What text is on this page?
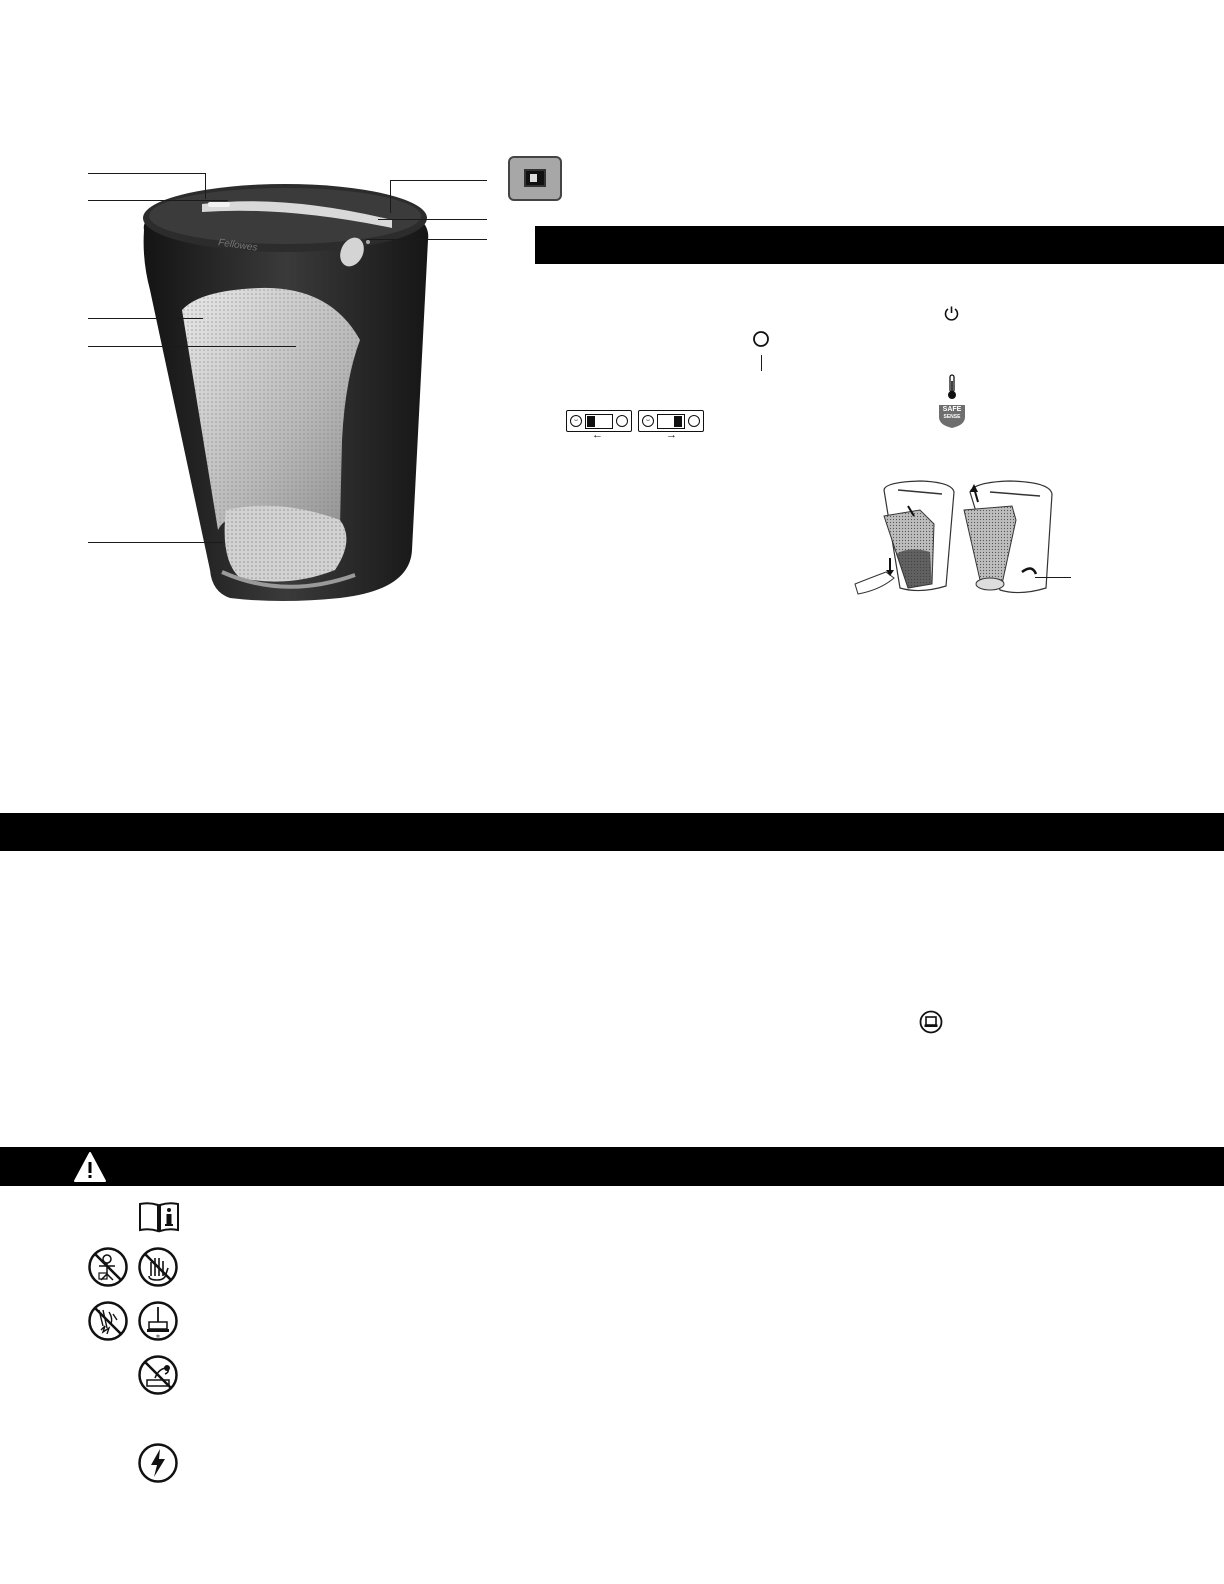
Fellowes
SAFE
SENSE
⌣
←
⌣
→
✲
